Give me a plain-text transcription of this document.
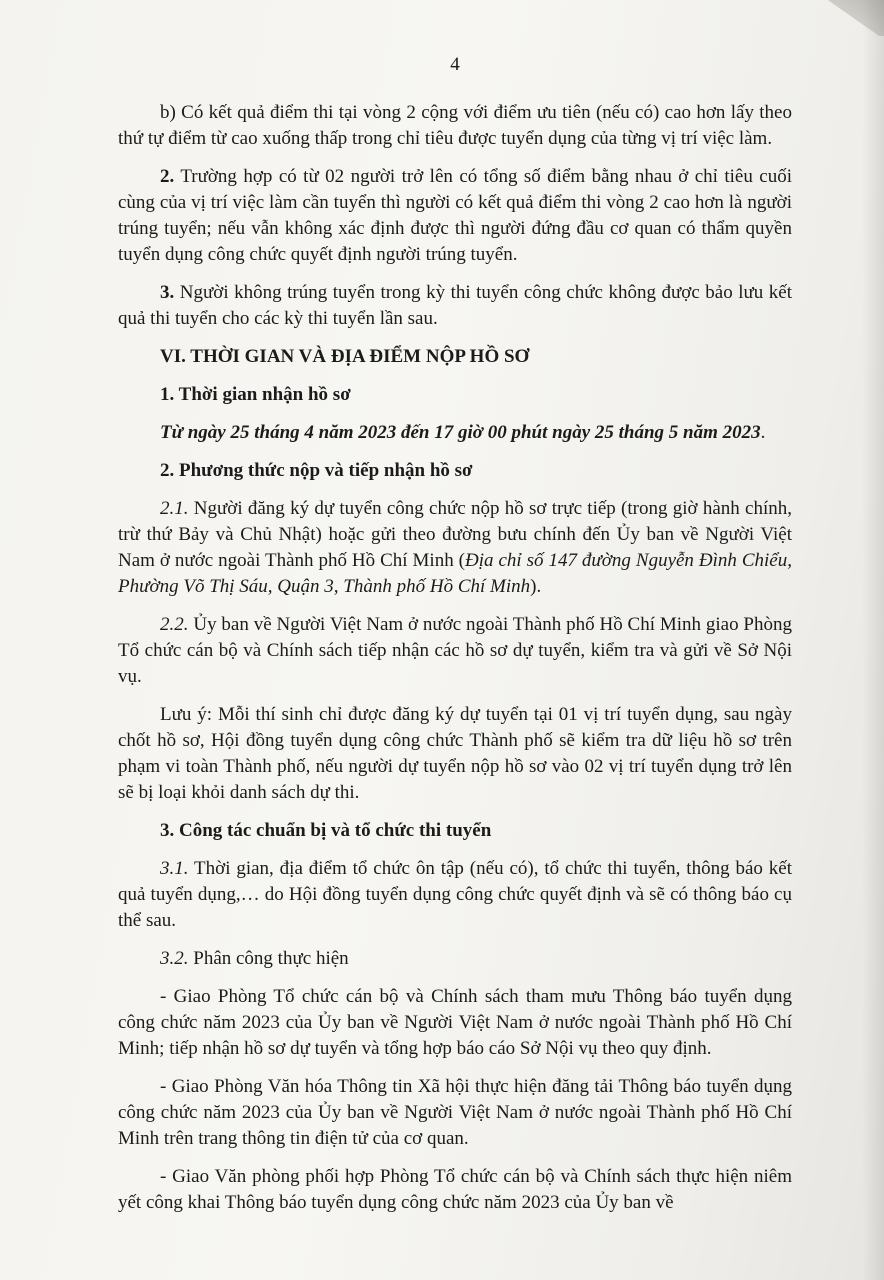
4

b) Có kết quả điểm thi tại vòng 2 cộng với điểm ưu tiên (nếu có) cao hơn lấy theo thứ tự điểm từ cao xuống thấp trong chỉ tiêu được tuyển dụng của từng vị trí việc làm.

2. Trường hợp có từ 02 người trở lên có tổng số điểm bằng nhau ở chỉ tiêu cuối cùng của vị trí việc làm cần tuyển thì người có kết quả điểm thi vòng 2 cao hơn là người trúng tuyển; nếu vẫn không xác định được thì người đứng đầu cơ quan có thẩm quyền tuyển dụng công chức quyết định người trúng tuyển.

3. Người không trúng tuyển trong kỳ thi tuyển công chức không được bảo lưu kết quả thi tuyển cho các kỳ thi tuyển lần sau.

VI. THỜI GIAN VÀ ĐỊA ĐIỂM NỘP HỒ SƠ
1. Thời gian nhận hồ sơ

Từ ngày 25 tháng 4 năm 2023 đến 17 giờ 00 phút ngày 25 tháng 5 năm 2023.

2. Phương thức nộp và tiếp nhận hồ sơ

2.1. Người đăng ký dự tuyển công chức nộp hồ sơ trực tiếp (trong giờ hành chính, trừ thứ Bảy và Chủ Nhật) hoặc gửi theo đường bưu chính đến Ủy ban về Người Việt Nam ở nước ngoài Thành phố Hồ Chí Minh (Địa chỉ số 147 đường Nguyễn Đình Chiểu, Phường Võ Thị Sáu, Quận 3, Thành phố Hồ Chí Minh).

2.2. Ủy ban về Người Việt Nam ở nước ngoài Thành phố Hồ Chí Minh giao Phòng Tổ chức cán bộ và Chính sách tiếp nhận các hồ sơ dự tuyển, kiểm tra và gửi về Sở Nội vụ.

Lưu ý: Mỗi thí sinh chỉ được đăng ký dự tuyển tại 01 vị trí tuyển dụng, sau ngày chốt hồ sơ, Hội đồng tuyển dụng công chức Thành phố sẽ kiểm tra dữ liệu hồ sơ trên phạm vi toàn Thành phố, nếu người dự tuyển nộp hồ sơ vào 02 vị trí tuyển dụng trở lên sẽ bị loại khỏi danh sách dự thi.

3. Công tác chuẩn bị và tổ chức thi tuyển

3.1. Thời gian, địa điểm tổ chức ôn tập (nếu có), tổ chức thi tuyển, thông báo kết quả tuyển dụng,… do Hội đồng tuyển dụng công chức quyết định và sẽ có thông báo cụ thể sau.

3.2. Phân công thực hiện

- Giao Phòng Tổ chức cán bộ và Chính sách tham mưu Thông báo tuyển dụng công chức năm 2023 của Ủy ban về Người Việt Nam ở nước ngoài Thành phố Hồ Chí Minh; tiếp nhận hồ sơ dự tuyển và tổng hợp báo cáo Sở Nội vụ theo quy định.

- Giao Phòng Văn hóa Thông tin Xã hội thực hiện đăng tải Thông báo tuyển dụng công chức năm 2023 của Ủy ban về Người Việt Nam ở nước ngoài Thành phố Hồ Chí Minh trên trang thông tin điện tử của cơ quan.

- Giao Văn phòng phối hợp Phòng Tổ chức cán bộ và Chính sách thực hiện niêm yết công khai Thông báo tuyển dụng công chức năm 2023 của Ủy ban về
